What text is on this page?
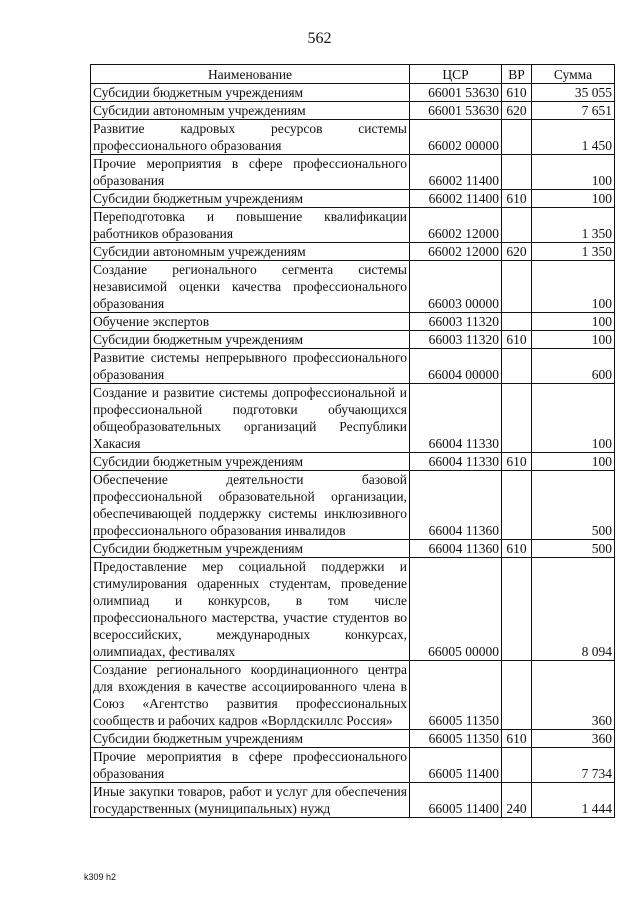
562
Наименование	ЦСР	ВР	Сумма
Субсидии бюджетным учреждениям	66001 53630	610	35 055
Субсидии автономным учреждениям	66001 53630	620	7 651
Развитие кадровых ресурсов системы профессионального образования	66002 00000		1 450
Прочие мероприятия в сфере профессионального образования	66002 11400		100
Субсидии бюджетным учреждениям	66002 11400	610	100
Переподготовка и повышение квалификации работников образования	66002 12000		1 350
Субсидии автономным учреждениям	66002 12000	620	1 350
Создание регионального сегмента системы независимой оценки качества профессионального образования	66003 00000		100
Обучение экспертов	66003 11320		100
Субсидии бюджетным учреждениям	66003 11320	610	100
Развитие системы непрерывного профессионального образования	66004 00000		600
Создание и развитие системы допрофессиональной и профессиональной подготовки обучающихся общеобразовательных организаций Республики Хакасия	66004 11330		100
Субсидии бюджетным учреждениям	66004 11330	610	100
Обеспечение деятельности базовой профессиональной образовательной организации, обеспечивающей поддержку системы инклюзивного профессионального образования инвалидов	66004 11360		500
Субсидии бюджетным учреждениям	66004 11360	610	500
Предоставление мер социальной поддержки и стимулирования одаренных студентам, проведение олимпиад и конкурсов, в том числе профессионального мастерства, участие студентов во всероссийских, международных конкурсах, олимпиадах, фестивалях	66005 00000		8 094
Создание регионального координационного центра для вхождения в качестве ассоциированного члена в Союз «Агентство развития профессиональных сообществ и рабочих кадров «Ворлдскиллс Россия»	66005 11350		360
Субсидии бюджетным учреждениям	66005 11350	610	360
Прочие мероприятия в сфере профессионального образования	66005 11400		7 734
Иные закупки товаров, работ и услуг для обеспечения государственных (муниципальных) нужд	66005 11400	240	1 444
k309 h2
